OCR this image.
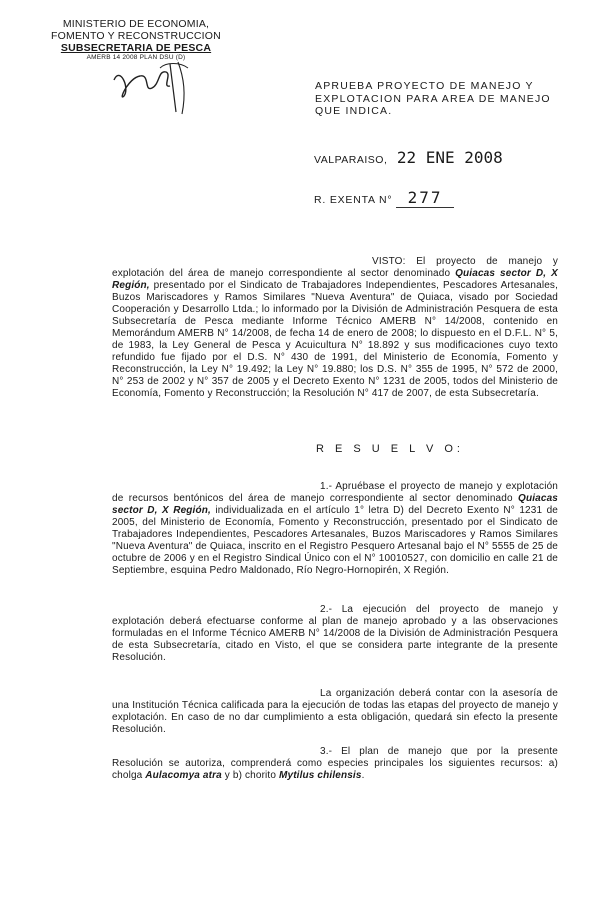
MINISTERIO DE ECONOMIA,
FOMENTO Y RECONSTRUCCION
SUBSECRETARIA DE PESCA
AMERB 14 2008 PLAN DSU (D)
APRUEBA PROYECTO DE MANEJO Y EXPLOTACION PARA AREA DE MANEJO QUE INDICA.
VALPARAISO, 22 ENE 2008
R. EXENTA N° 277
VISTO: El proyecto de manejo y explotación del área de manejo correspondiente al sector denominado Quiacas sector D, X Región, presentado por el Sindicato de Trabajadores Independientes, Pescadores Artesanales, Buzos Mariscadores y Ramos Similares "Nueva Aventura" de Quiaca, visado por Sociedad Cooperación y Desarrollo Ltda.; lo informado por la División de Administración Pesquera de esta Subsecretaría de Pesca mediante Informe Técnico AMERB N° 14/2008, contenido en Memorándum AMERB N° 14/2008, de fecha 14 de enero de 2008; lo dispuesto en el D.F.L. N° 5, de 1983, la Ley General de Pesca y Acuicultura N° 18.892 y sus modificaciones cuyo texto refundido fue fijado por el D.S. N° 430 de 1991, del Ministerio de Economía, Fomento y Reconstrucción, la Ley N° 19.492; la Ley N° 19.880; los D.S. N° 355 de 1995, N° 572 de 2000, N° 253 de 2002 y N° 357 de 2005 y el Decreto Exento N° 1231 de 2005, todos del Ministerio de Economía, Fomento y Reconstrucción; la Resolución N° 417 de 2007, de esta Subsecretaría.
R E S U E L V O:
1.- Apruébase el proyecto de manejo y explotación de recursos bentónicos del área de manejo correspondiente al sector denominado Quiacas sector D, X Región, individualizada en el artículo 1° letra D) del Decreto Exento N° 1231 de 2005, del Ministerio de Economía, Fomento y Reconstrucción, presentado por el Sindicato de Trabajadores Independientes, Pescadores Artesanales, Buzos Mariscadores y Ramos Similares "Nueva Aventura" de Quiaca, inscrito en el Registro Pesquero Artesanal bajo el N° 5555 de 25 de octubre de 2006 y en el Registro Sindical Único con el N° 10010527, con domicilio en calle 21 de Septiembre, esquina Pedro Maldonado, Río Negro-Hornopirén, X Región.
2.- La ejecución del proyecto de manejo y explotación deberá efectuarse conforme al plan de manejo aprobado y a las observaciones formuladas en el Informe Técnico AMERB N° 14/2008 de la División de Administración Pesquera de esta Subsecretaría, citado en Visto, el que se considera parte integrante de la presente Resolución.
La organización deberá contar con la asesoría de una Institución Técnica calificada para la ejecución de todas las etapas del proyecto de manejo y explotación. En caso de no dar cumplimiento a esta obligación, quedará sin efecto la presente Resolución.
3.- El plan de manejo que por la presente Resolución se autoriza, comprenderá como especies principales los siguientes recursos: a) cholga Aulacomya atra y b) chorito Mytilus chilensis.
